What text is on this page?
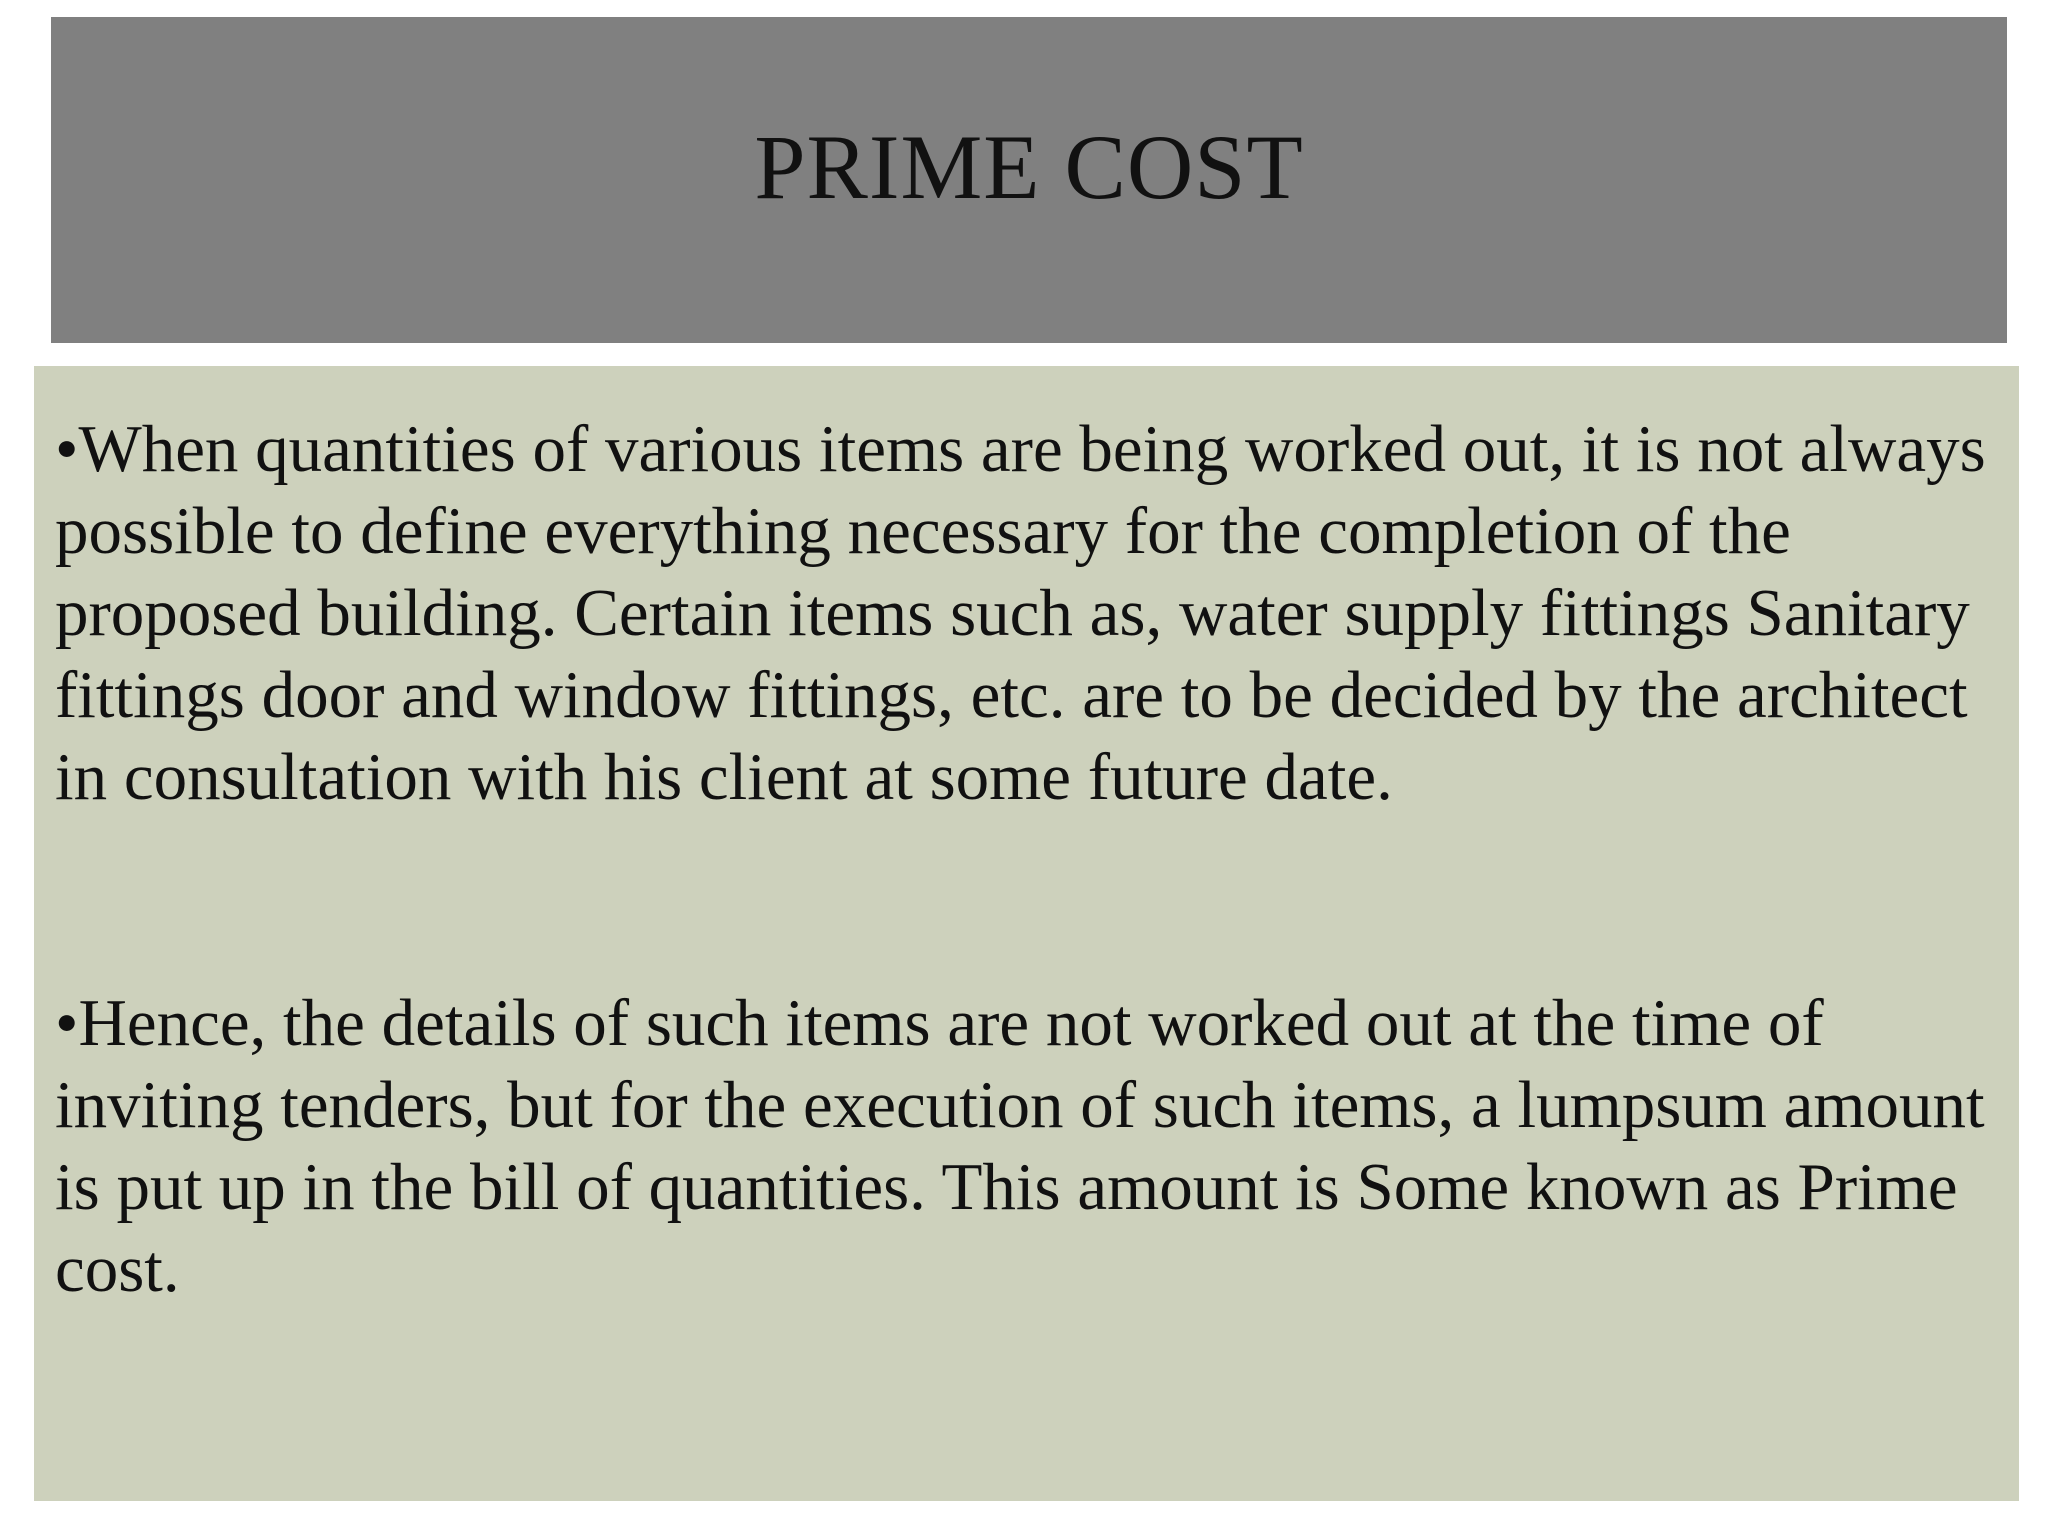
PRIME COST

•When quantities of various items are being worked out, it is not always possible to define everything necessary for the completion of the proposed building. Certain items such as, water supply fittings Sanitary fittings door and window fittings, etc. are to be decided by the architect in consultation with his client at some future date.

•Hence, the details of such items are not worked out at the time of inviting tenders, but for the execution of such items, a lumpsum amount is put up in the bill of quantities. This amount is Some known as Prime cost.
